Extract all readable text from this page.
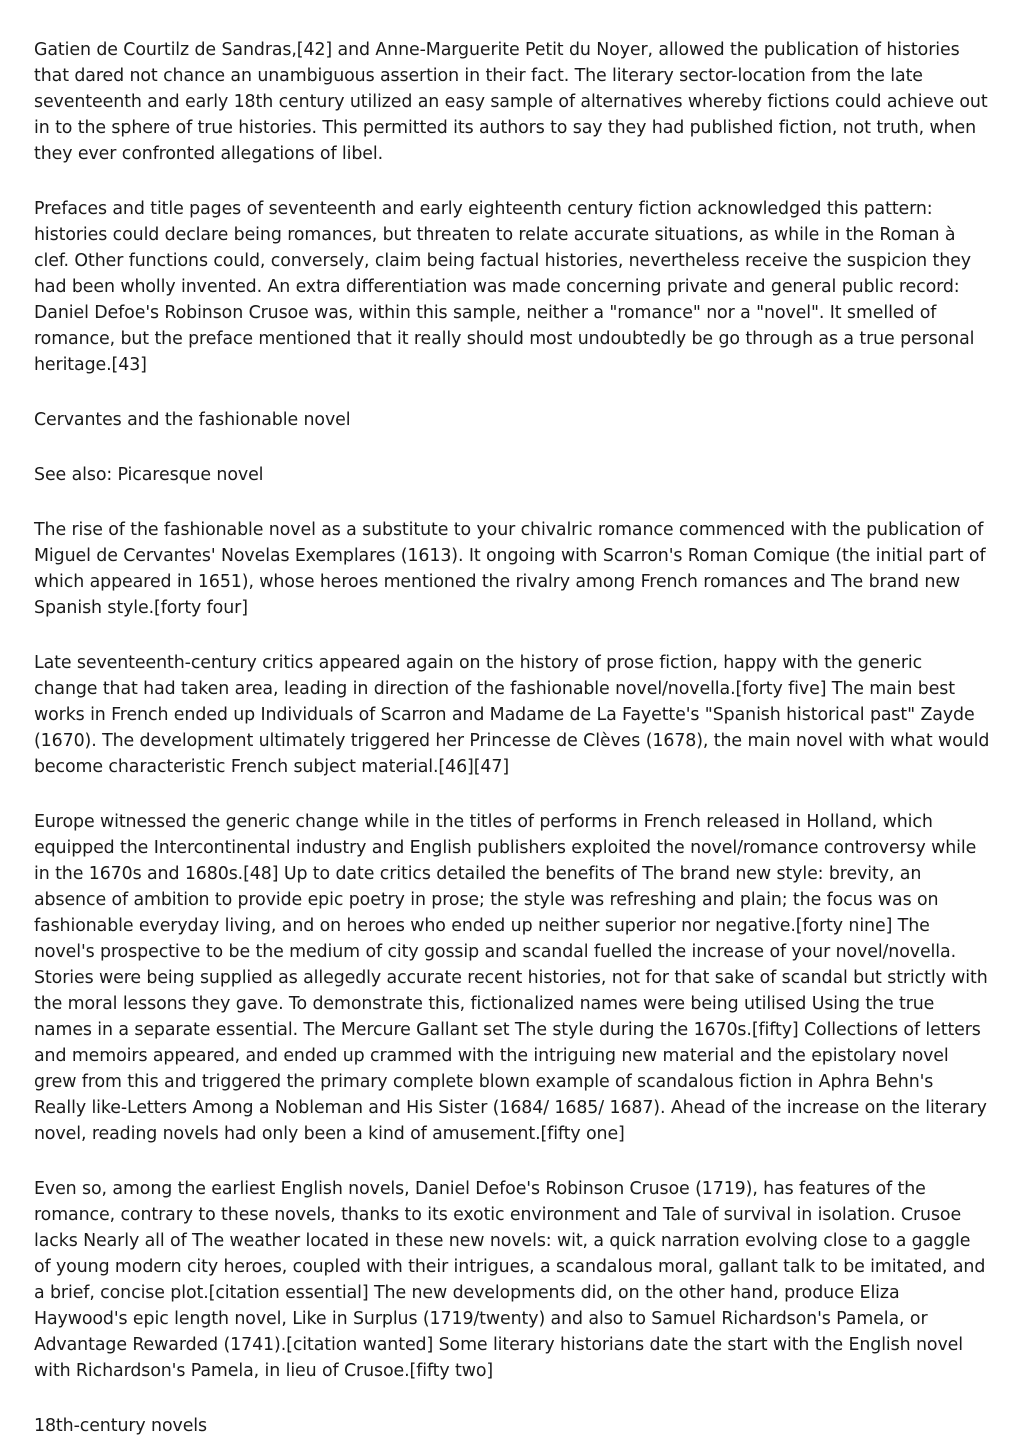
Gatien de Courtilz de Sandras,[42] and Anne-Marguerite Petit du Noyer, allowed the publication of histories that dared not chance an unambiguous assertion in their fact. The literary sector-location from the late seventeenth and early 18th century utilized an easy sample of alternatives whereby fictions could achieve out in to the sphere of true histories. This permitted its authors to say they had published fiction, not truth, when they ever confronted allegations of libel.

Prefaces and title pages of seventeenth and early eighteenth century fiction acknowledged this pattern: histories could declare being romances, but threaten to relate accurate situations, as while in the Roman à clef. Other functions could, conversely, claim being factual histories, nevertheless receive the suspicion they had been wholly invented. An extra differentiation was made concerning private and general public record: Daniel Defoe's Robinson Crusoe was, within this sample, neither a "romance" nor a "novel". It smelled of romance, but the preface mentioned that it really should most undoubtedly be go through as a true personal heritage.[43]

Cervantes and the fashionable novel

See also: Picaresque novel

The rise of the fashionable novel as a substitute to your chivalric romance commenced with the publication of Miguel de Cervantes' Novelas Exemplares (1613). It ongoing with Scarron's Roman Comique (the initial part of which appeared in 1651), whose heroes mentioned the rivalry among French romances and The brand new Spanish style.[forty four]

Late seventeenth-century critics appeared again on the history of prose fiction, happy with the generic change that had taken area, leading in direction of the fashionable novel/novella.[forty five] The main best works in French ended up Individuals of Scarron and Madame de La Fayette's "Spanish historical past" Zayde (1670). The development ultimately triggered her Princesse de Clèves (1678), the main novel with what would become characteristic French subject material.[46][47]

Europe witnessed the generic change while in the titles of performs in French released in Holland, which equipped the Intercontinental industry and English publishers exploited the novel/romance controversy while in the 1670s and 1680s.[48] Up to date critics detailed the benefits of The brand new style: brevity, an absence of ambition to provide epic poetry in prose; the style was refreshing and plain; the focus was on fashionable everyday living, and on heroes who ended up neither superior nor negative.[forty nine] The novel's prospective to be the medium of city gossip and scandal fuelled the increase of your novel/novella. Stories were being supplied as allegedly accurate recent histories, not for that sake of scandal but strictly with the moral lessons they gave. To demonstrate this, fictionalized names were being utilised Using the true names in a separate essential. The Mercure Gallant set The style during the 1670s.[fifty] Collections of letters and memoirs appeared, and ended up crammed with the intriguing new material and the epistolary novel grew from this and triggered the primary complete blown example of scandalous fiction in Aphra Behn's Really like-Letters Among a Nobleman and His Sister (1684/ 1685/ 1687). Ahead of the increase on the literary novel, reading novels had only been a kind of amusement.[fifty one]

Even so, among the earliest English novels, Daniel Defoe's Robinson Crusoe (1719), has features of the romance, contrary to these novels, thanks to its exotic environment and Tale of survival in isolation. Crusoe lacks Nearly all of The weather located in these new novels: wit, a quick narration evolving close to a gaggle of young modern city heroes, coupled with their intrigues, a scandalous moral, gallant talk to be imitated, and a brief, concise plot.[citation essential] The new developments did, on the other hand, produce Eliza Haywood's epic length novel, Like in Surplus (1719/twenty) and also to Samuel Richardson's Pamela, or Advantage Rewarded (1741).[citation wanted] Some literary historians date the start with the English novel with Richardson's Pamela, in lieu of Crusoe.[fifty two]

18th-century novels
